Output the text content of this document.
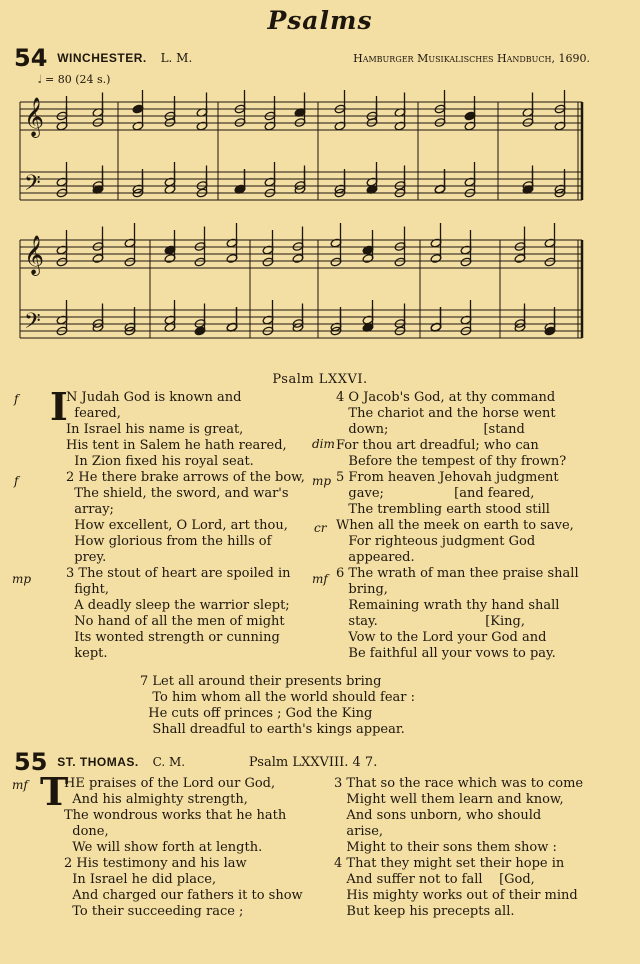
Psalms
54 WINCHESTER. L. M.	Hamburger Musikalisches Handbuch, 1690.
𝅗𝅥 = 80 (24 s.)
𝄞
𝄢
𝄞
𝄢
Psalm LXXVI.
f
f
mp
I
N Judah God is known and
feared,
In Israel his name is great,
His tent in Salem he hath reared,
In Zion fixed his royal seat.
2 He there brake arrows of the bow,
The shield, the sword, and war's
array;
How excellent, O Lord, art thou,
How glorious from the hills of
prey.
3 The stout of heart are spoiled in
fight,
A deadly sleep the warrior slept;
No hand of all the men of might
Its wonted strength or cunning
kept.
dim
mp
cr
mf
4 O Jacob's God, at thy command
The chariot and the horse went
down;                       [stand
For thou art dreadful; who can
Before the tempest of thy frown?
5 From heaven Jehovah judgment
gave;                 [and feared,
The trembling earth stood still
When all the meek on earth to save,
For righteous judgment God
appeared.
6 The wrath of man thee praise shall
bring,
Remaining wrath thy hand shall
stay.                          [King,
Vow to the Lord your God and
Be faithful all your vows to pay.
7 Let all around their presents bring
To him whom all the world should fear :
He cuts off princes ; God the King
Shall dreadful to earth's kings appear.
55 ST. THOMAS. C. M.	Psalm LXXVIII. 4 7.
mf T
HE praises of the Lord our God,
And his almighty strength,
The wondrous works that he hath
done,
We will show forth at length.
2 His testimony and his law
In Israel he did place,
And charged our fathers it to show
To their succeeding race ;
3 That so the race which was to come
Might well them learn and know,
And sons unborn, who should
arise,
Might to their sons them show :
4 That they might set their hope in
And suffer not to fall    [God,
His mighty works out of their mind
But keep his precepts all.
